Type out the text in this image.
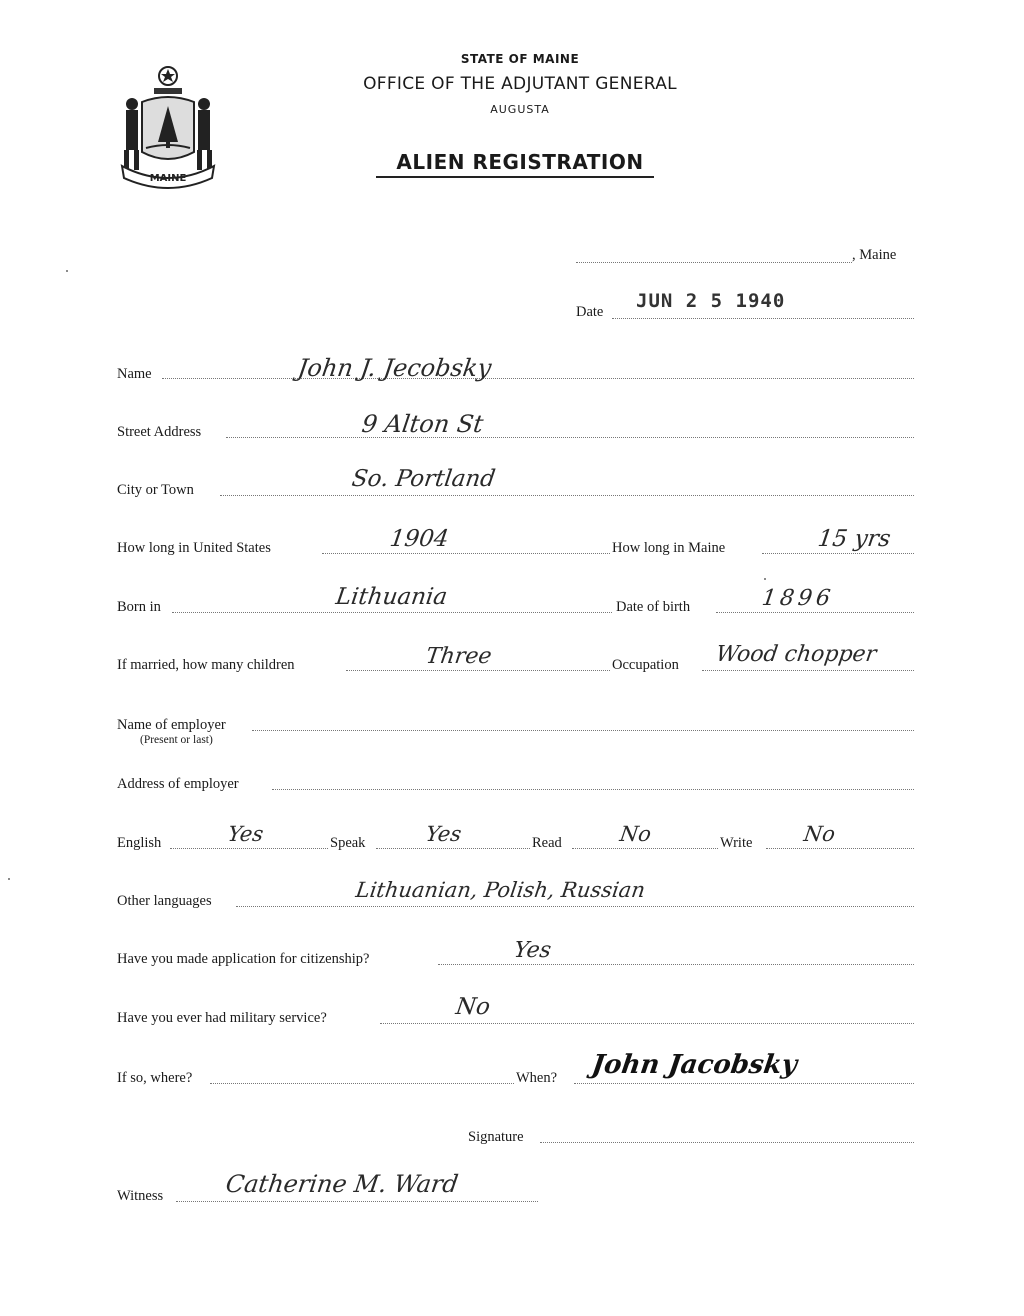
MAINE
STATE OF MAINE
OFFICE OF THE ADJUTANT GENERAL
AUGUSTA
ALIEN REGISTRATION
, Maine
Date JUN 2 5 1940
Name	John J. Jecobsky
Street Address	9 Alton St
City or Town	So. Portland
How long in United States	1904	How long in Maine	15 yrs
Born in	Lithuania	Date of birth	1896
If married, how many children	Three	Occupation Wood chopper
Name of employer
(Present or last)
Address of employer
English	Yes	Speak	Yes	Read	No	Write No
Other languages	Lithuanian, Polish, Russian
Have you made application for citizenship?	Yes
Have you ever had military service?	No
If so, where?	When? John Jacobsky
Signature
Witness	Catherine M. Ward
